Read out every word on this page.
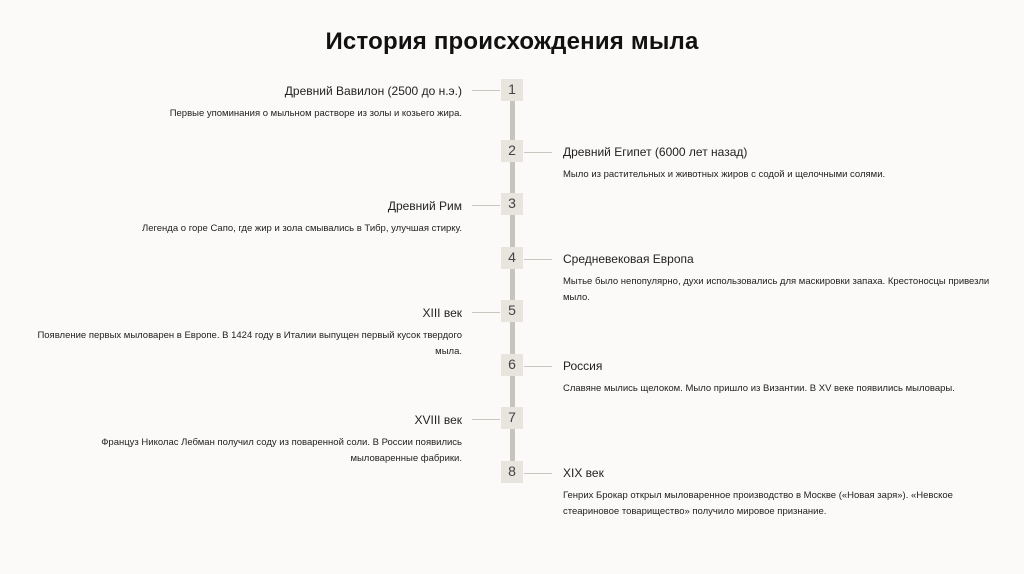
История происхождения мыла
1
Древний Вавилон (2500 до н.э.)
Первые упоминания о мыльном растворе из золы и козьего жира.
2	Древний Египет (6000 лет назад)
Мыло из растительных и животных жиров с содой и щелочными солями.
3
Древний Рим
Легенда о горе Сапо, где жир и зола смывались в Тибр, улучшая стирку.
4	Средневековая Европа
Мытье было непопулярно, духи использовались для маскировки запаха. Крестоносцы привезли мыло.
5
XIII век
Появление первых мыловарен в Европе. В 1424 году в Италии выпущен первый кусок твердого мыла.
6	Россия
Славяне мылись щелоком. Мыло пришло из Византии. В XV веке появились мыловары.
7
XVIII век
Француз Николас Лебман получил соду из поваренной соли. В России появились мыловаренные фабрики.
8	XIX век
Генрих Брокар открыл мыловаренное производство в Москве («Новая заря»). «Невское стеариновое товарищество» получило мировое признание.
